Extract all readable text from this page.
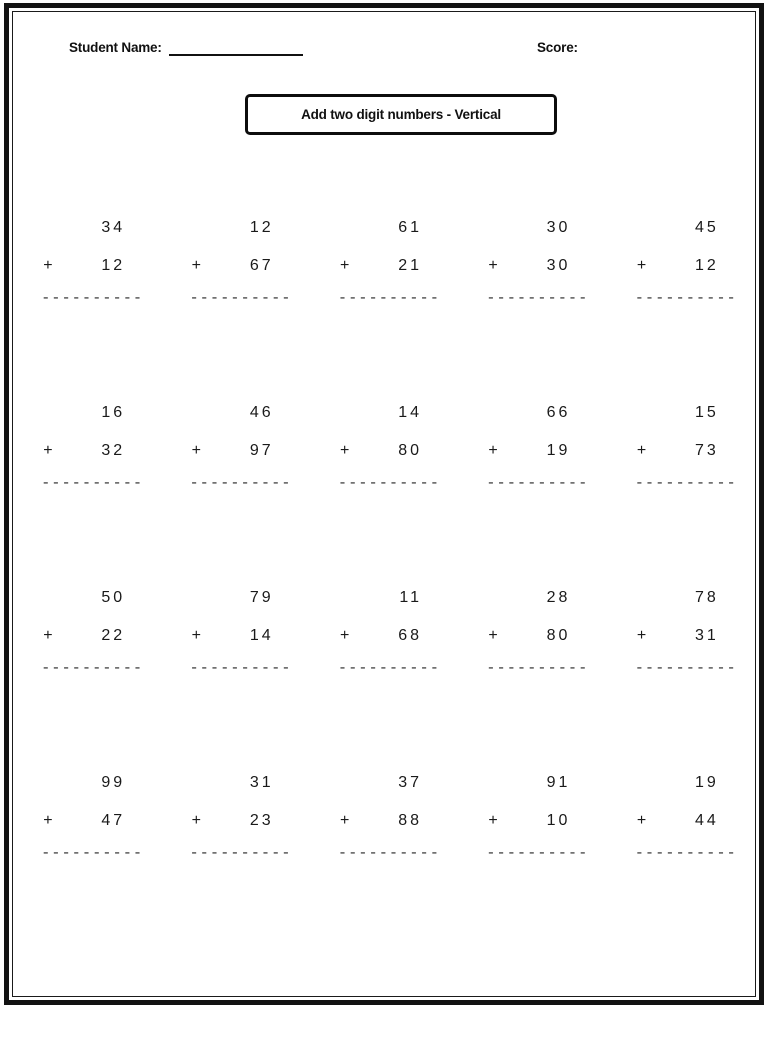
Student Name:	Score:
Add two digit numbers - Vertical
34
+	12
----------
12
+	67
----------
61
+	21
----------
30
+	30
----------
45
+	12
----------
16
+	32
----------
46
+	97
----------
14
+	80
----------
66
+	19
----------
15
+	73
----------
50
+	22
----------
79
+	14
----------
11
+	68
----------
28
+	80
----------
78
+	31
----------
99
+	47
----------
31
+	23
----------
37
+	88
----------
91
+	10
----------
19
+	44
----------
